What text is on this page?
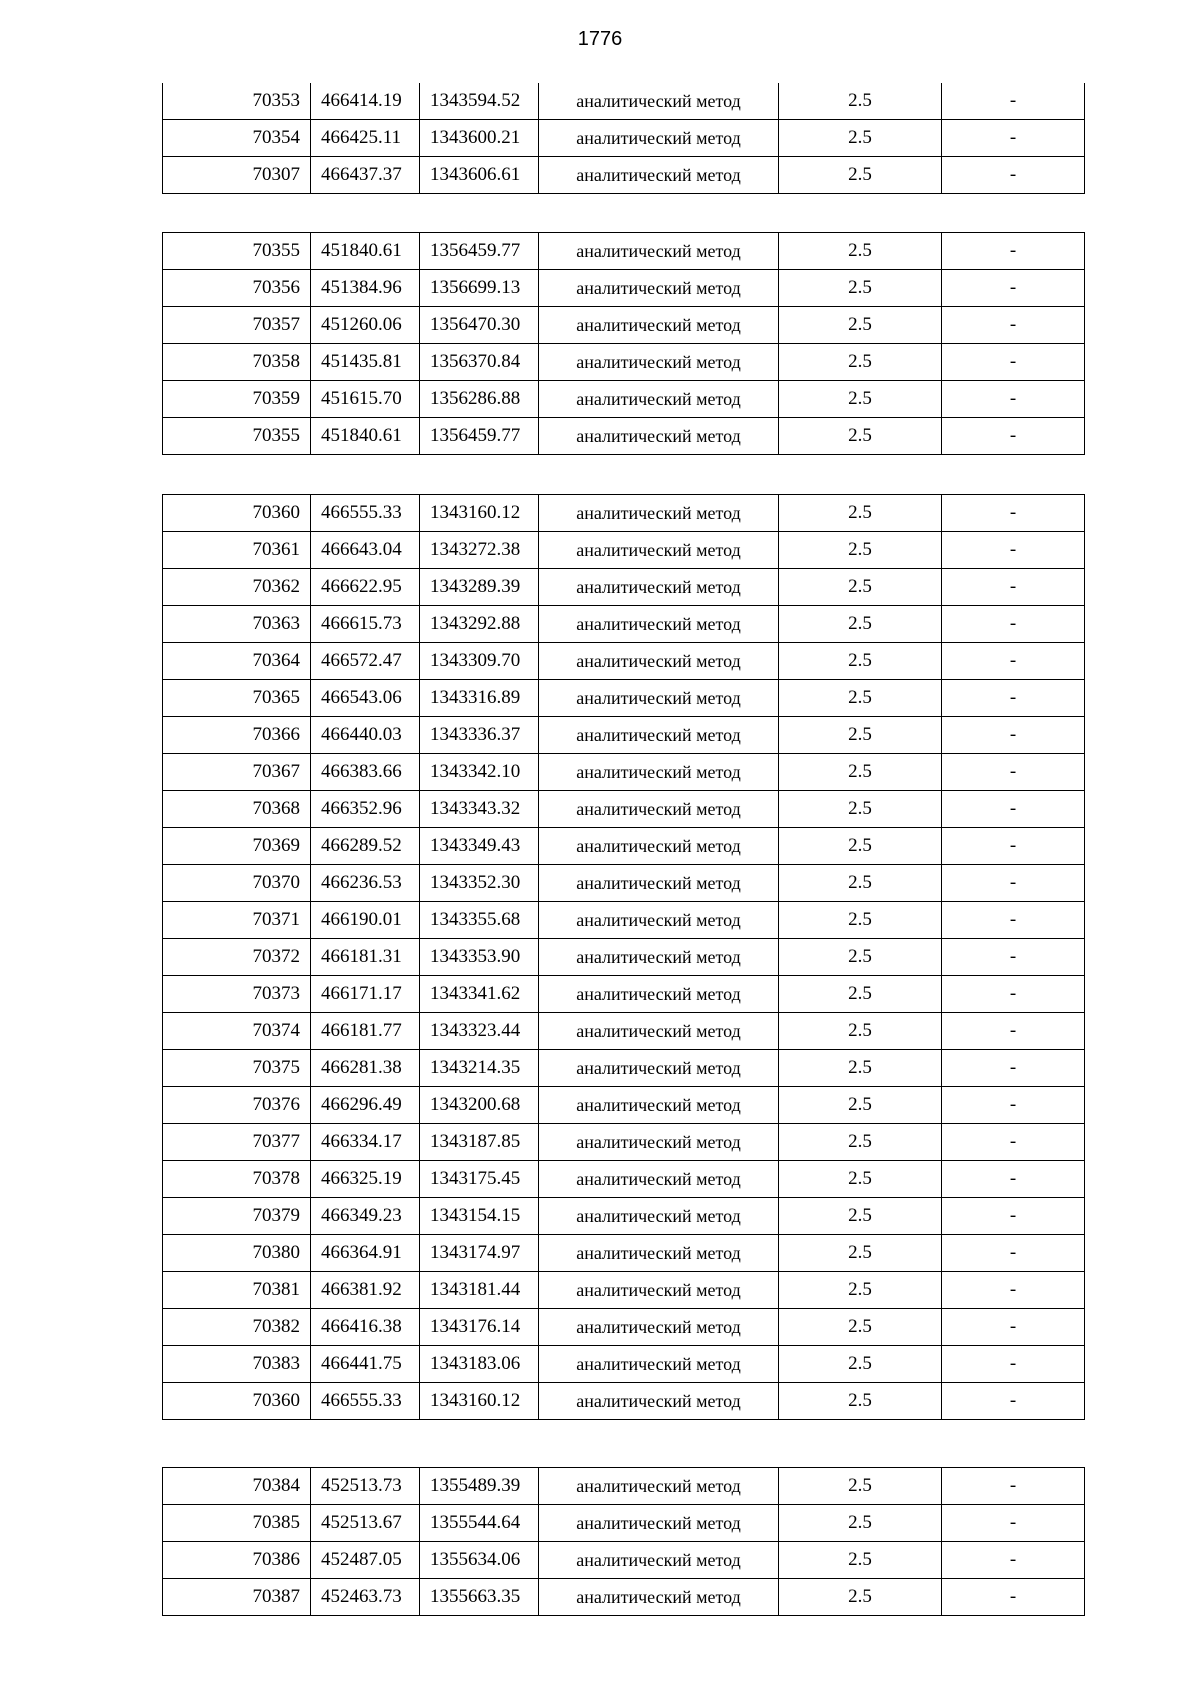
1776
70353	466414.19	1343594.52	аналитический метод	2.5	-
70354	466425.11	1343600.21	аналитический метод	2.5	-
70307	466437.37	1343606.61	аналитический метод	2.5	-
70355	451840.61	1356459.77	аналитический метод	2.5	-
70356	451384.96	1356699.13	аналитический метод	2.5	-
70357	451260.06	1356470.30	аналитический метод	2.5	-
70358	451435.81	1356370.84	аналитический метод	2.5	-
70359	451615.70	1356286.88	аналитический метод	2.5	-
70355	451840.61	1356459.77	аналитический метод	2.5	-
70360	466555.33	1343160.12	аналитический метод	2.5	-
70361	466643.04	1343272.38	аналитический метод	2.5	-
70362	466622.95	1343289.39	аналитический метод	2.5	-
70363	466615.73	1343292.88	аналитический метод	2.5	-
70364	466572.47	1343309.70	аналитический метод	2.5	-
70365	466543.06	1343316.89	аналитический метод	2.5	-
70366	466440.03	1343336.37	аналитический метод	2.5	-
70367	466383.66	1343342.10	аналитический метод	2.5	-
70368	466352.96	1343343.32	аналитический метод	2.5	-
70369	466289.52	1343349.43	аналитический метод	2.5	-
70370	466236.53	1343352.30	аналитический метод	2.5	-
70371	466190.01	1343355.68	аналитический метод	2.5	-
70372	466181.31	1343353.90	аналитический метод	2.5	-
70373	466171.17	1343341.62	аналитический метод	2.5	-
70374	466181.77	1343323.44	аналитический метод	2.5	-
70375	466281.38	1343214.35	аналитический метод	2.5	-
70376	466296.49	1343200.68	аналитический метод	2.5	-
70377	466334.17	1343187.85	аналитический метод	2.5	-
70378	466325.19	1343175.45	аналитический метод	2.5	-
70379	466349.23	1343154.15	аналитический метод	2.5	-
70380	466364.91	1343174.97	аналитический метод	2.5	-
70381	466381.92	1343181.44	аналитический метод	2.5	-
70382	466416.38	1343176.14	аналитический метод	2.5	-
70383	466441.75	1343183.06	аналитический метод	2.5	-
70360	466555.33	1343160.12	аналитический метод	2.5	-
70384	452513.73	1355489.39	аналитический метод	2.5	-
70385	452513.67	1355544.64	аналитический метод	2.5	-
70386	452487.05	1355634.06	аналитический метод	2.5	-
70387	452463.73	1355663.35	аналитический метод	2.5	-
